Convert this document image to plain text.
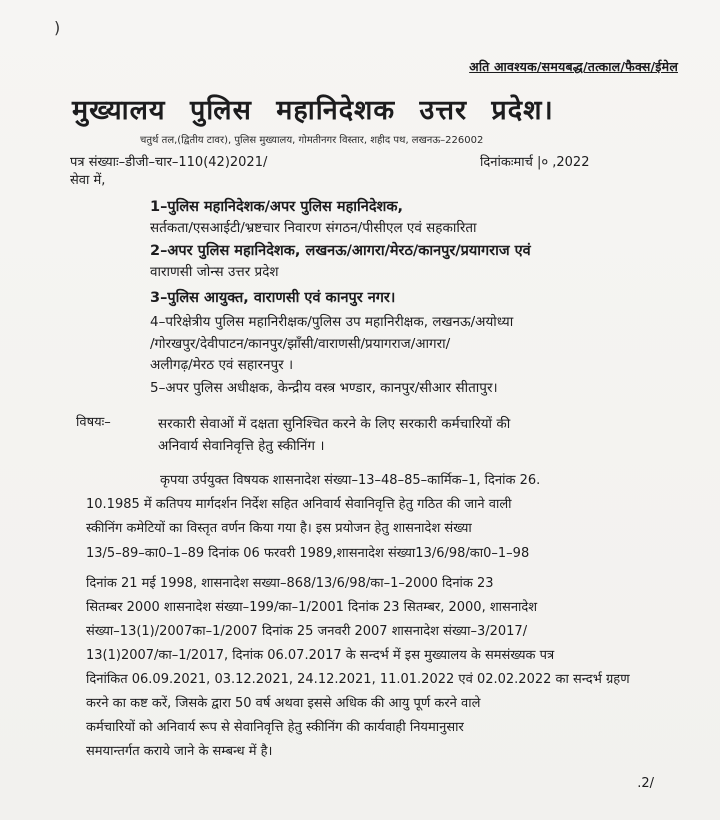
)
अति आवश्यक/समयबद्ध/तत्काल/फैक्स/ईमेल
मुख्यालय पुलिस महानिदेशक उत्तर प्रदेश।
चतुर्थ तल,(द्वितीय टावर), पुलिस मुख्यालय, गोमतीनगर विस्तार, शहीद पथ, लखनऊ–226002
पत्र संख्याः–डीजी–चार–110(42)2021/	दिनांकःमार्च |० ,2022
सेवा में,
1–पुलिस महानिदेशक/अपर पुलिस महानिदेशक,
सर्तकता/एसआईटी/भ्रष्टचार निवारण संगठन/पीसीएल एवं सहकारिता
2–अपर पुलिस महानिदेशक, लखनऊ/आगरा/मेरठ/कानपुर/प्रयागराज एवं
वाराणसी जोन्स उत्तर प्रदेश
3–पुलिस आयुक्त, वाराणसी एवं कानपुर नगर।
4–परिक्षेत्रीय पुलिस महानिरीक्षक/पुलिस उप महानिरीक्षक, लखनऊ/अयोध्या
/गोरखपुर/देवीपाटन/कानपुर/झाँसी/वाराणसी/प्रयागराज/आगरा/
अलीगढ़/मेरठ एवं सहारनपुर ।
5–अपर पुलिस अधीक्षक, केन्द्रीय वस्त्र भण्डार, कानपुर/सीआर सीतापुर।
विषयः–	सरकारी सेवाओं में दक्षता सुनिश्चित करने के लिए सरकारी कर्मचारियों की
अनिवार्य सेवानिवृत्ति हेतु स्कीनिंग ।
कृपया उर्पयुक्त विषयक शासनादेश संख्या–13–48–85–कार्मिक–1, दिनांक 26.
10.1985 में कतिपय मार्गदर्शन निर्देश सहित अनिवार्य सेवानिवृत्ति हेतु गठित की जाने वाली
स्कीनिंग कमेटियों का विस्तृत वर्णन किया गया है। इस प्रयोजन हेतु शासनादेश संख्या
13/5–89–का0–1–89 दिनांक 06 फरवरी 1989,शासनादेश संख्या13/6/98/का0–1–98
दिनांक 21 मई 1998, शासनादेश सख्या–868/13/6/98/का–1–2000 दिनांक 23
सितम्बर 2000 शासनादेश संख्या–199/का–1/2001 दिनांक 23 सितम्बर, 2000, शासनादेश
संख्या–13(1)/2007का–1/2007 दिनांक 25 जनवरी 2007 शासनादेश संख्या–3/2017/
13(1)2007/का–1/2017, दिनांक 06.07.2017 के सन्दर्भ में इस मुख्यालय के समसंख्यक पत्र
दिनांकित 06.09.2021, 03.12.2021, 24.12.2021, 11.01.2022 एवं 02.02.2022 का सन्दर्भ ग्रहण
करने का कष्ट करें, जिसके द्वारा 50 वर्ष अथवा इससे अधिक की आयु पूर्ण करने वाले
कर्मचारियों को अनिवार्य रूप से सेवानिवृत्ति हेतु स्कीनिंग की कार्यवाही नियमानुसार
समयान्तर्गत कराये जाने के सम्बन्ध में है।
.2/
